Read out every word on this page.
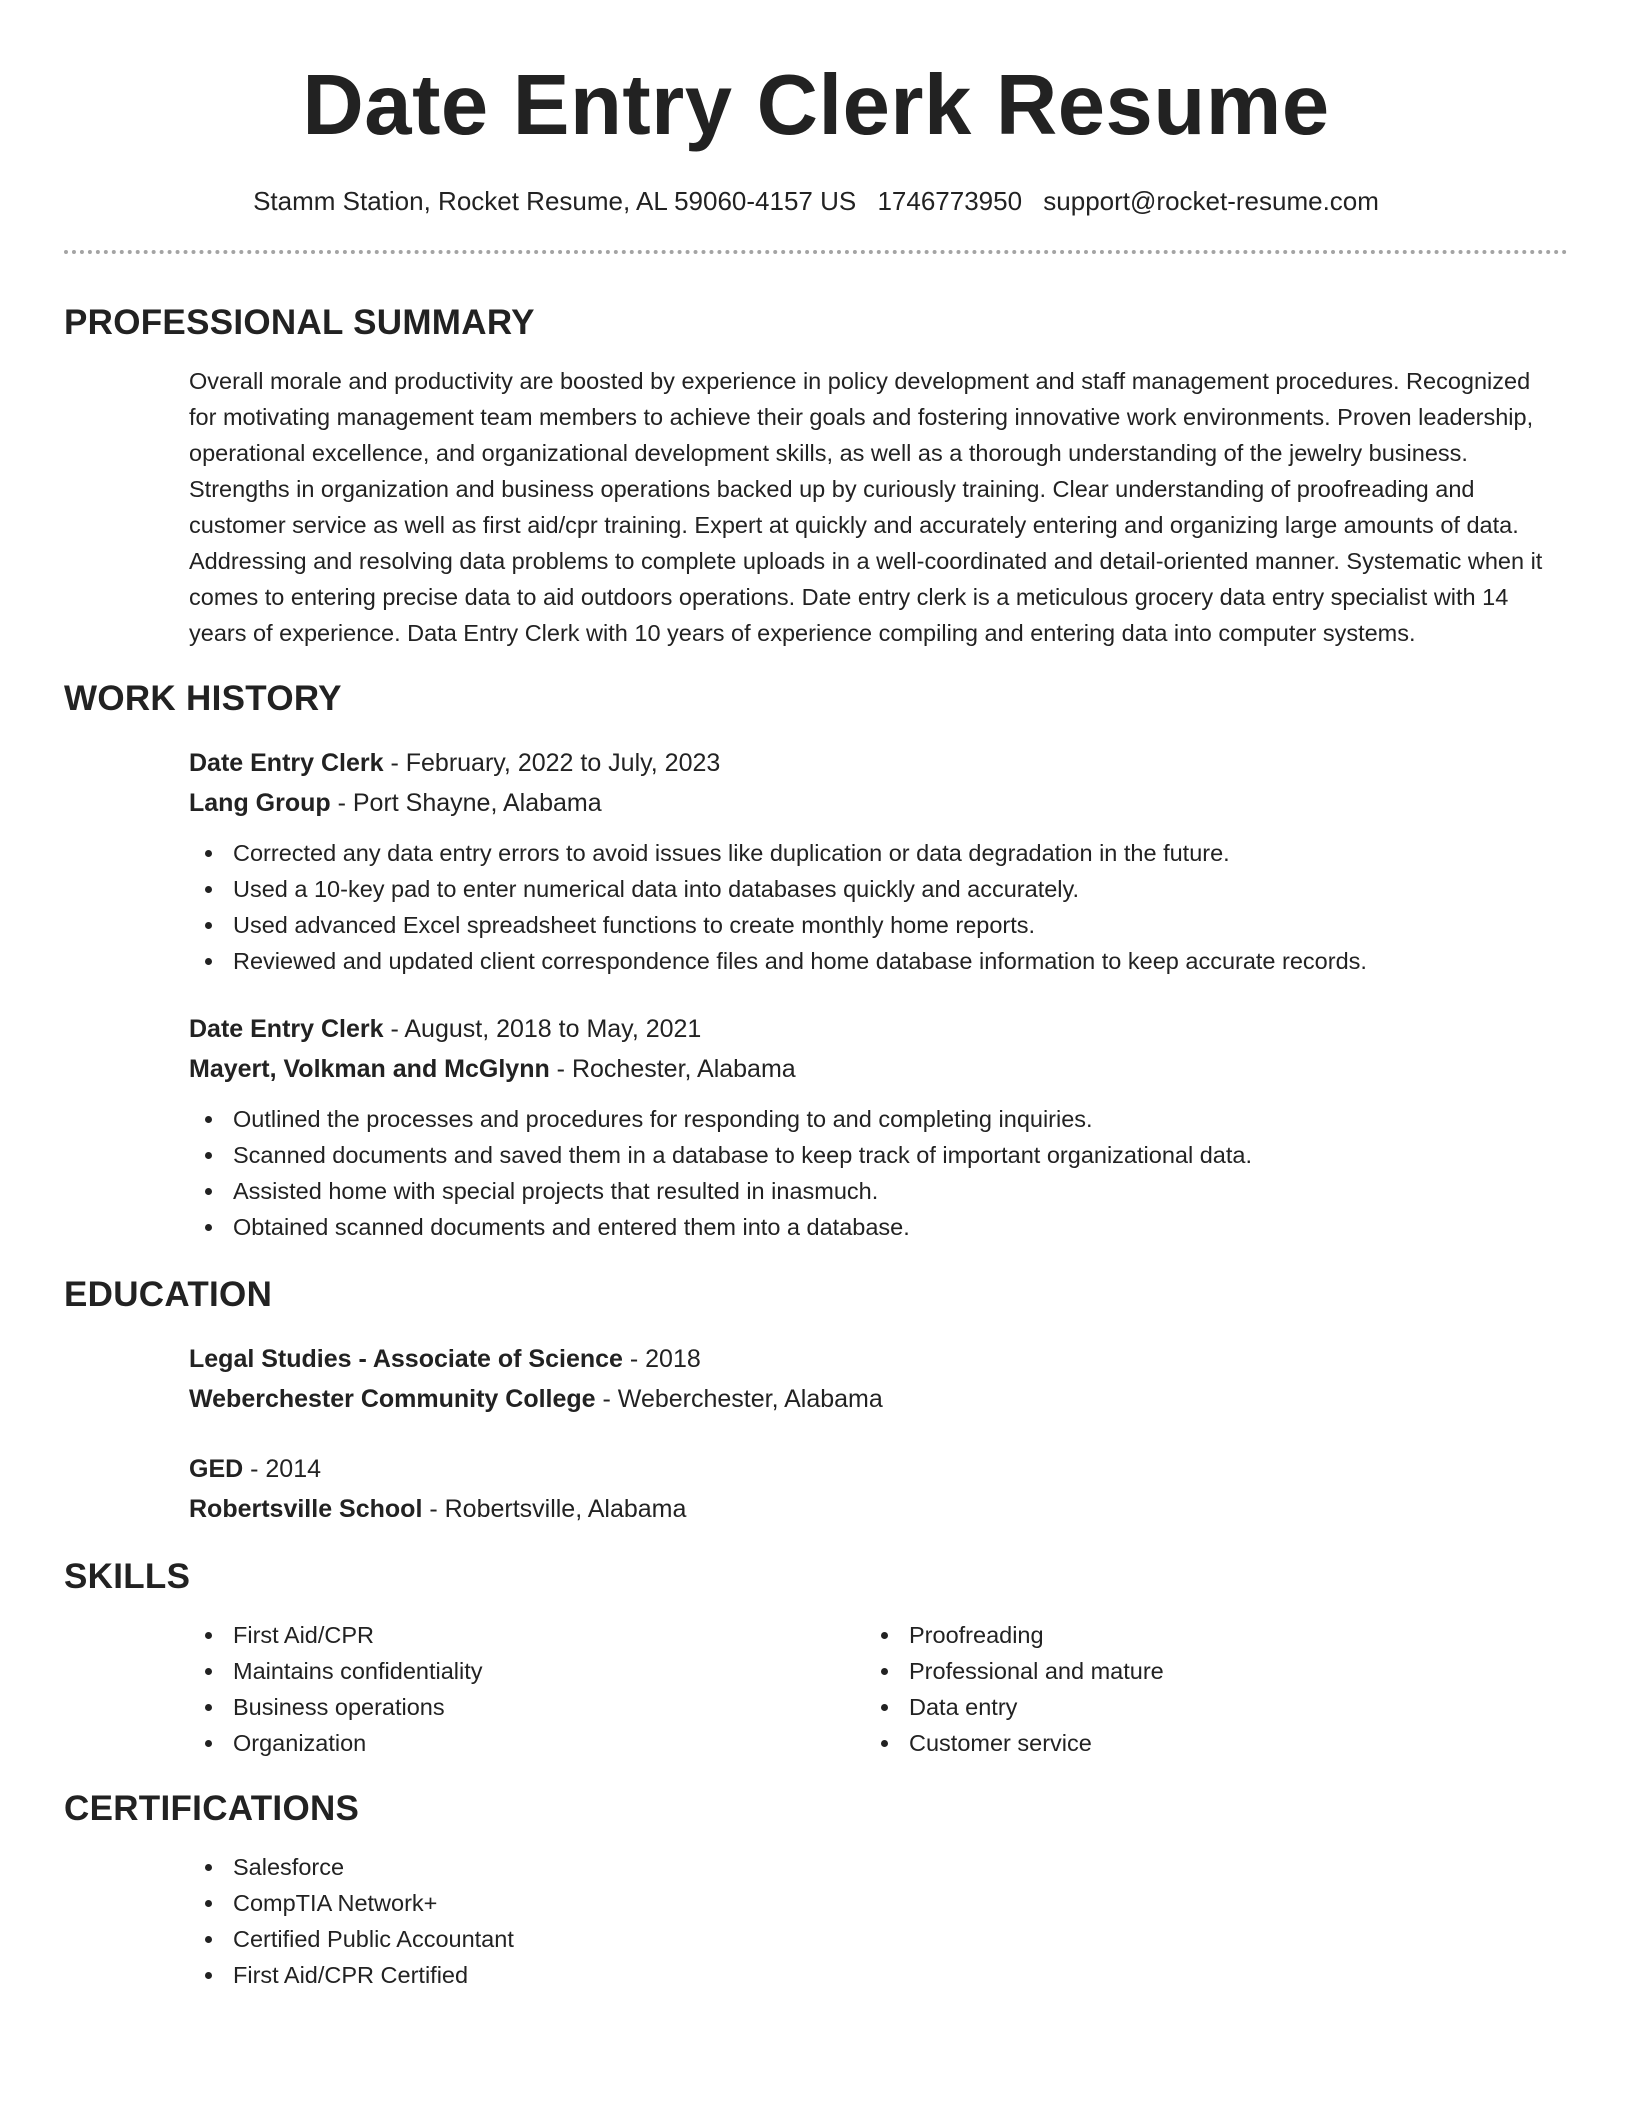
Date Entry Clerk Resume
Stamm Station, Rocket Resume, AL 59060-4157 US 1746773950 support@rocket-resume.com
PROFESSIONAL SUMMARY

Overall morale and productivity are boosted by experience in policy development and staff management procedures. Recognized for motivating management team members to achieve their goals and fostering innovative work environments. Proven leadership, operational excellence, and organizational development skills, as well as a thorough understanding of the jewelry business. Strengths in organization and business operations backed up by curiously training. Clear understanding of proofreading and customer service as well as first aid/cpr training. Expert at quickly and accurately entering and organizing large amounts of data. Addressing and resolving data problems to complete uploads in a well-coordinated and detail-oriented manner. Systematic when it comes to entering precise data to aid outdoors operations. Date entry clerk is a meticulous grocery data entry specialist with 14 years of experience. Data Entry Clerk with 10 years of experience compiling and entering data into computer systems.

WORK HISTORY
Date Entry Clerk - February, 2022 to July, 2023
Lang Group - Port Shayne, Alabama
Corrected any data entry errors to avoid issues like duplication or data degradation in the future.
Used a 10-key pad to enter numerical data into databases quickly and accurately.
Used advanced Excel spreadsheet functions to create monthly home reports.
Reviewed and updated client correspondence files and home database information to keep accurate records.
Date Entry Clerk - August, 2018 to May, 2021
Mayert, Volkman and McGlynn - Rochester, Alabama
Outlined the processes and procedures for responding to and completing inquiries.
Scanned documents and saved them in a database to keep track of important organizational data.
Assisted home with special projects that resulted in inasmuch.
Obtained scanned documents and entered them into a database.
EDUCATION
Legal Studies - Associate of Science - 2018
Weberchester Community College - Weberchester, Alabama
GED - 2014
Robertsville School - Robertsville, Alabama
SKILLS
First Aid/CPR
Maintains confidentiality
Business operations
Organization
Proofreading
Professional and mature
Data entry
Customer service
CERTIFICATIONS
Salesforce
CompTIA Network+
Certified Public Accountant
First Aid/CPR Certified
